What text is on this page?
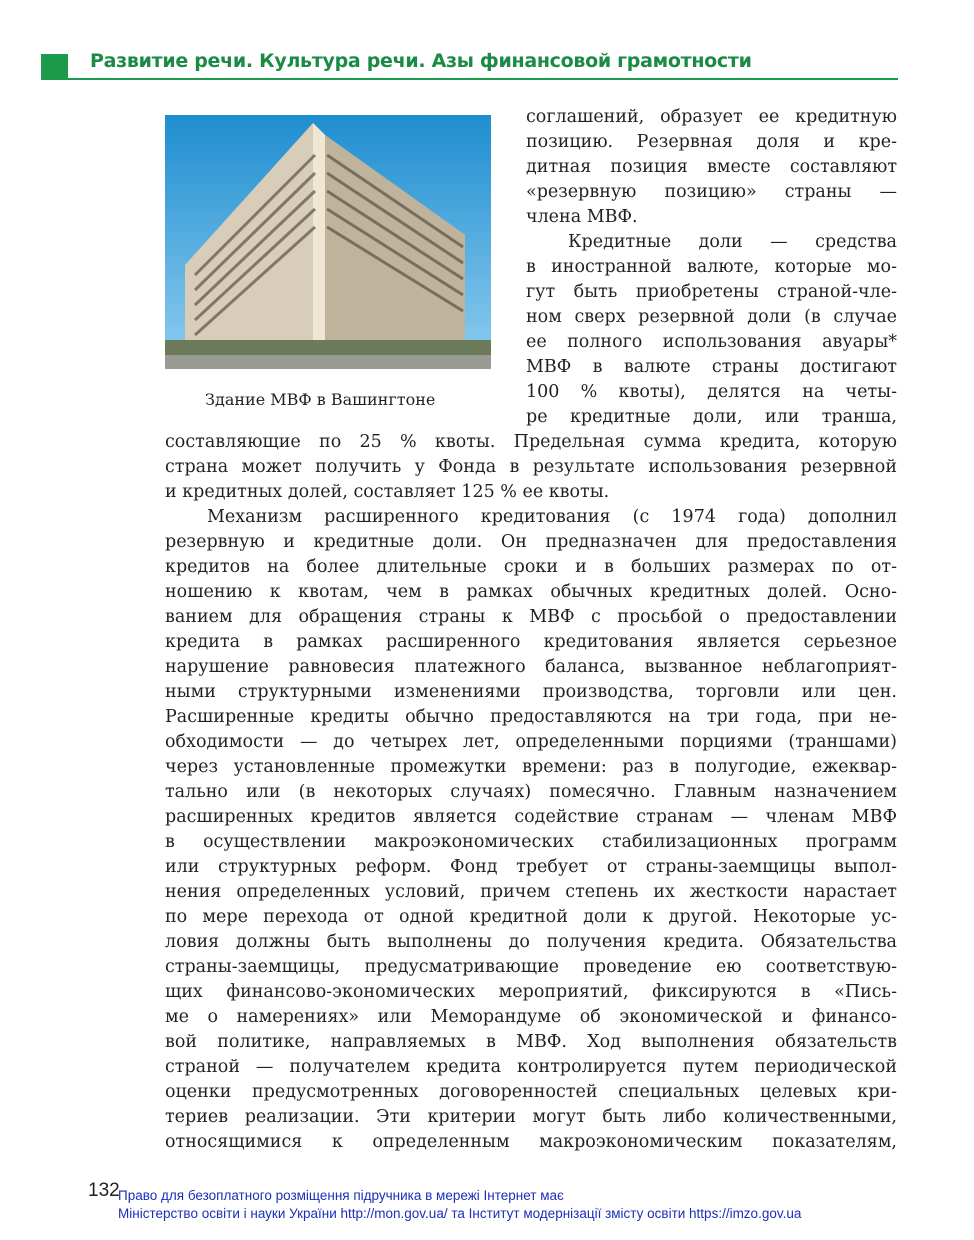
Развитие речи. Культура речи. Азы финансовой грамотности
Здание МВФ в Вашингтоне
соглашений, образует ее кредитную
позицию. Резервная доля и кре-
дитная позиция вместе составляют
«резервную позицию» страны —
члена МВФ.
Кредитные доли — средства
в иностранной валюте, которые мо-
гут быть приобретены страной-чле-
ном сверх резервной доли (в случае
ее полного использования авуары*
МВФ в валюте страны достигают
100 % квоты), делятся на четы-
ре кредитные доли, или транша,
составляющие по 25 % квоты. Предельная сумма кредита, которую
страна может получить у Фонда в результате использования резервной
и кредитных долей, составляет 125 % ее квоты.
Механизм расширенного кредитования (с 1974 года) дополнил
резервную и кредитные доли. Он предназначен для предоставления
кредитов на более длительные сроки и в больших размерах по от-
ношению к квотам, чем в рамках обычных кредитных долей. Осно-
ванием для обращения страны к МВФ с просьбой о предоставлении
кредита в рамках расширенного кредитования является серьезное
нарушение равновесия платежного баланса, вызванное неблагоприят-
ными структурными изменениями производства, торговли или цен.
Расширенные кредиты обычно предоставляются на три года, при не-
обходимости — до четырех лет, определенными порциями (траншами)
через установленные промежутки времени: раз в полугодие, ежеквар-
тально или (в некоторых случаях) помесячно. Главным назначением
расширенных кредитов является содействие странам — членам МВФ
в осуществлении макроэкономических стабилизационных программ
или структурных реформ. Фонд требует от страны-заемщицы выпол-
нения определенных условий, причем степень их жесткости нарастает
по мере перехода от одной кредитной доли к другой. Некоторые ус-
ловия должны быть выполнены до получения кредита. Обязательства
страны-заемщицы, предусматривающие проведение ею соответствую-
щих финансово-экономических мероприятий, фиксируются в «Пись-
ме о намерениях» или Меморандуме об экономической и финансо-
вой политике, направляемых в МВФ. Ход выполнения обязательств
страной — получателем кредита контролируется путем периодической
оценки предусмотренных договоренностей специальных целевых кри-
териев реализации. Эти критерии могут быть либо количественными,
относящимися к определенным макроэкономическим показателям,
132
Право для безоплатного розміщення підручника в мережі Інтернет має
Міністерство освіти і науки України http://mon.gov.ua/ та Інститут модернізації змісту освіти https://imzo.gov.ua
